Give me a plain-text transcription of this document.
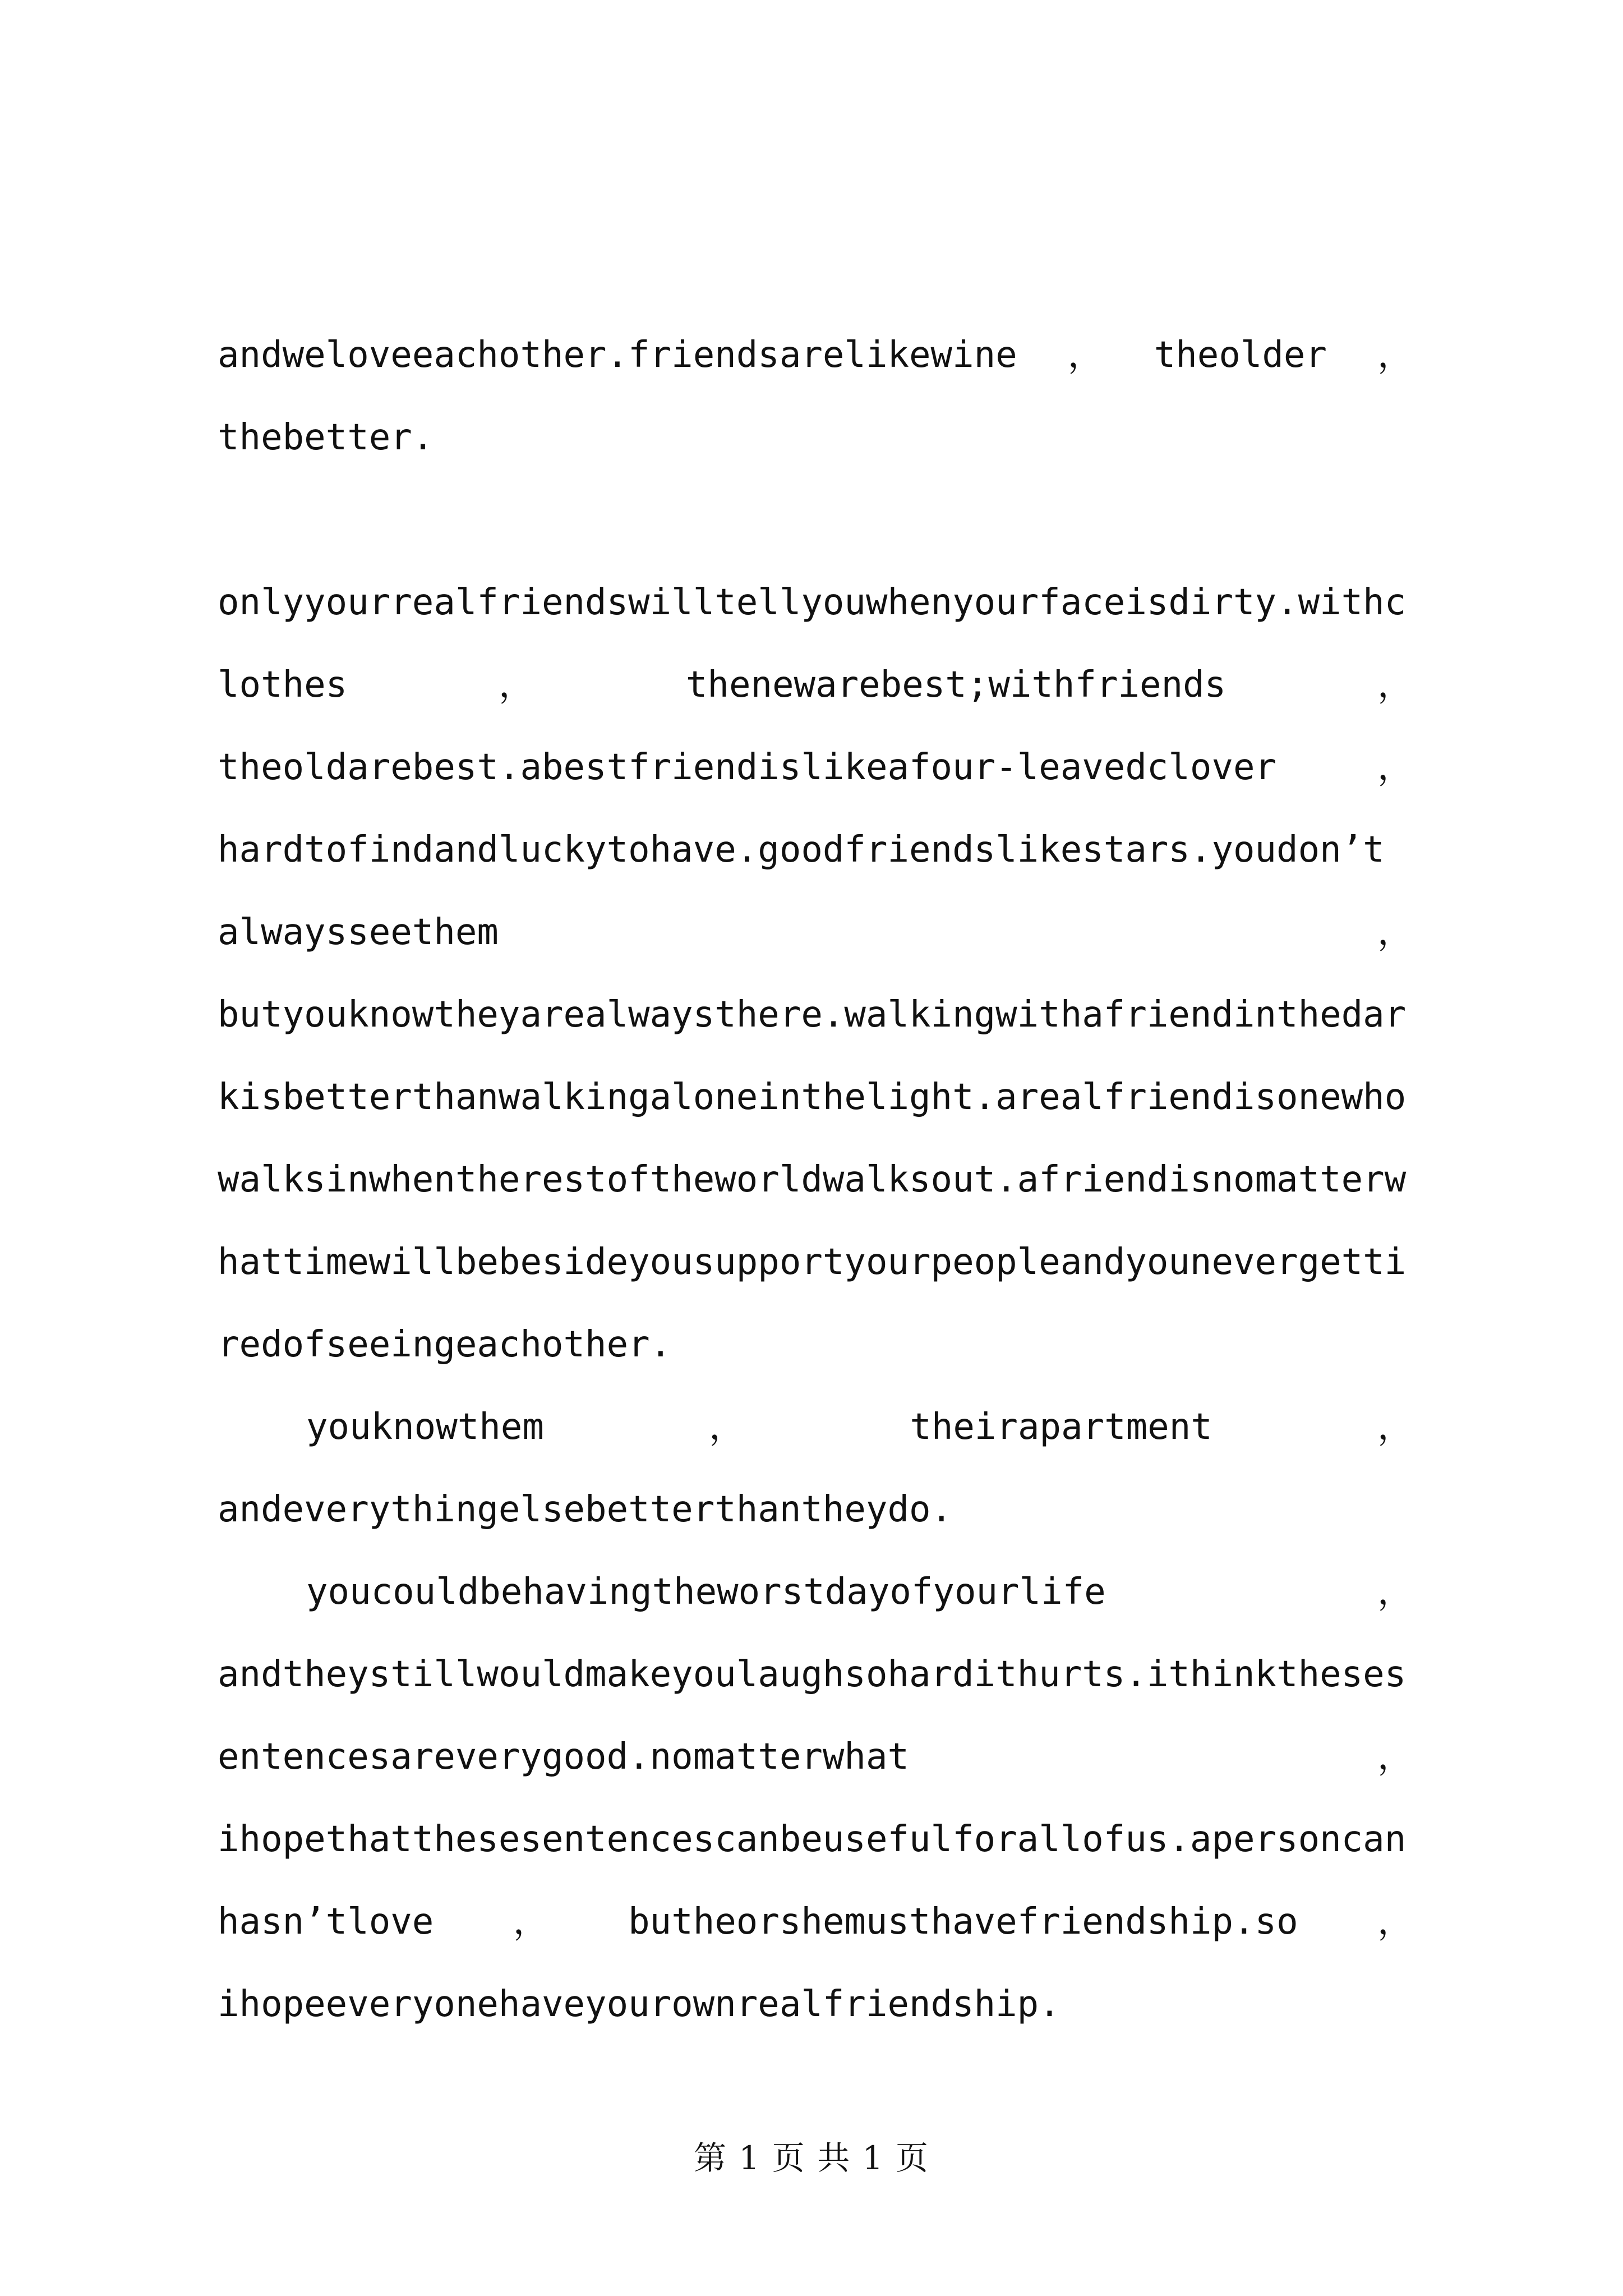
andweloveeachother.friendsarelikewine ， theolder ，
thebetter.
onlyyourrealfriendswilltellyouwhenyourfaceisdirty.withc
lothes	，	thenewarebest;withfriends	，
theoldarebest.abestfriendislikeafour-leavedclover	，
hardtofindandluckytohave.goodfriendslikestars.youdon’t
alwaysseethem	，
butyouknowtheyarealwaysthere.walkingwithafriendinthedar
kisbetterthanwalkingaloneinthelight.arealfriendisonewho
walksinwhentherestoftheworldwalksout.afriendisnomatterw
hattimewillbebesideyousupportyourpeopleandyounevergetti
redofseeingeachother.
youknowthem	，	theirapartment	，
andeverythingelsebetterthantheydo.
youcouldbehavingtheworstdayofyourlife	，
andtheystillwouldmakeyoulaughsohardithurts.ithinktheses
entencesareverygood.nomatterwhat	，
ihopethatthesesentencescanbeusefulforallofus.apersoncan
hasn’tlove ， butheorshemusthavefriendship.so ，
ihopeeveryonehaveyourownrealfriendship.
第 1 页 共 1 页
